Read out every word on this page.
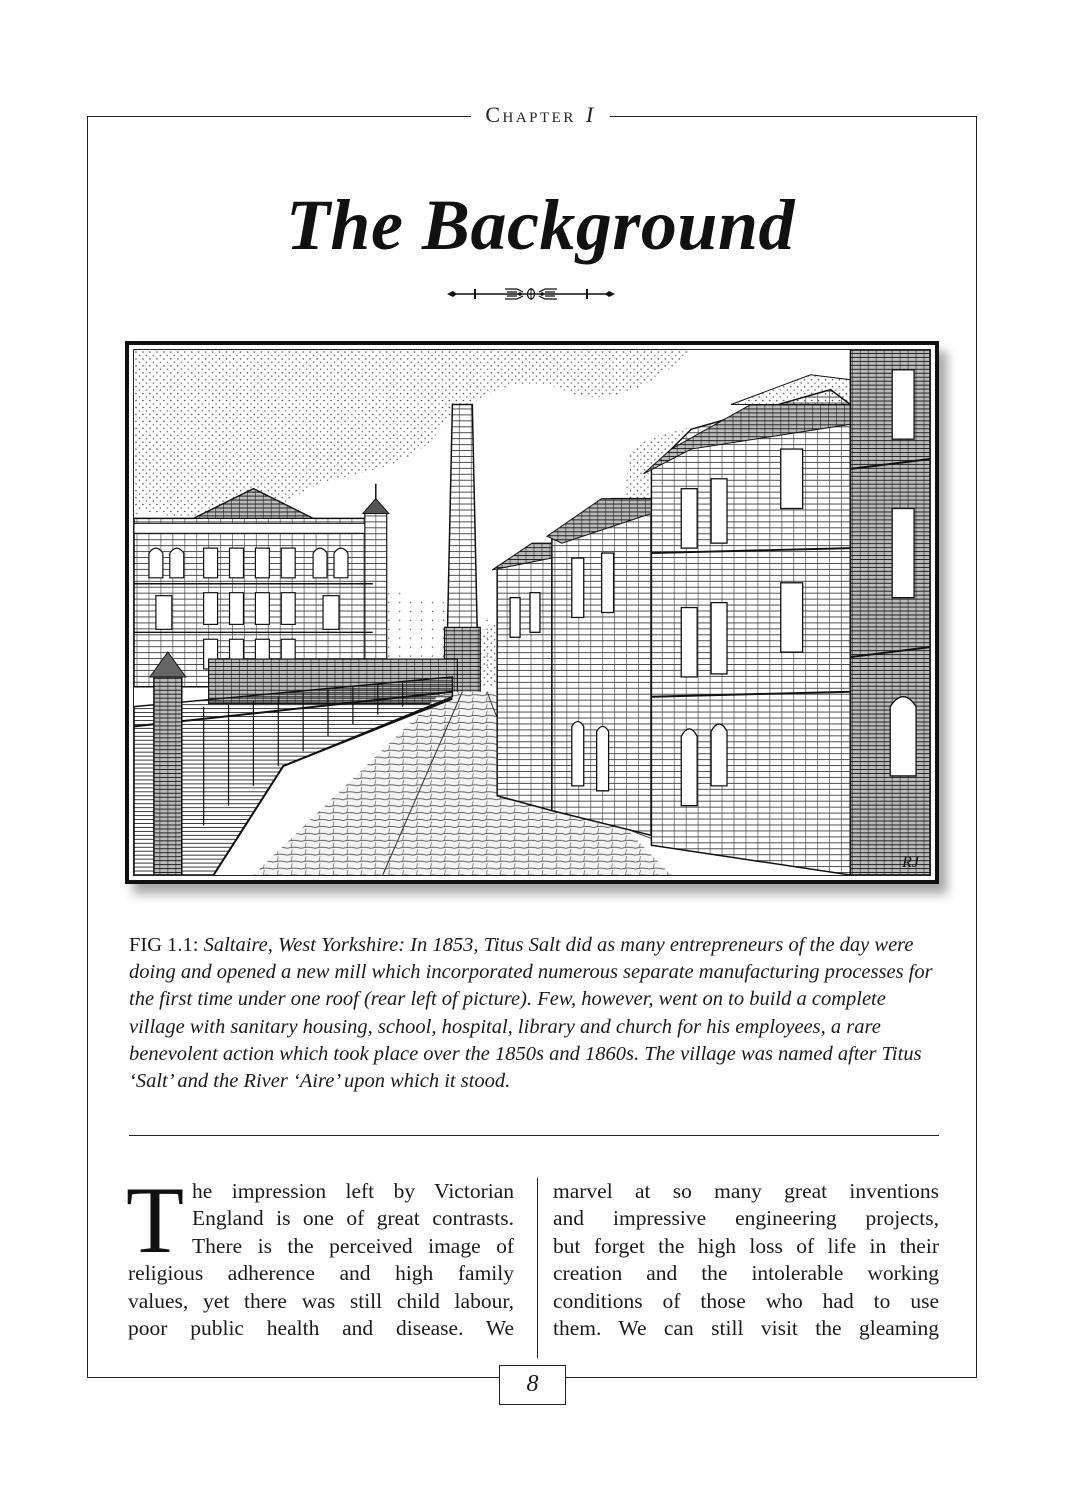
Chapter I
The Background
RJ
FIG 1.1: Saltaire, West Yorkshire: In 1853, Titus Salt did as many entrepreneurs of the day were doing and opened a new mill which incorporated numerous separate manufacturing processes for the first time under one roof (rear left of picture). Few, however, went on to build a complete village with sanitary housing, school, hospital, library and church for his employees, a rare benevolent action which took place over the 1850s and 1860s. The village was named after Titus ‘Salt’ and the River ‘Aire’ upon which it stood.
T he impression left by Victorian
England is one of great contrasts.
There is the perceived image of
religious adherence and high family
values, yet there was still child labour,
poor public health and disease. We
marvel at so many great inventions
and impressive engineering projects,
but forget the high loss of life in their
creation and the intolerable working
conditions of those who had to use
them. We can still visit the gleaming
8
